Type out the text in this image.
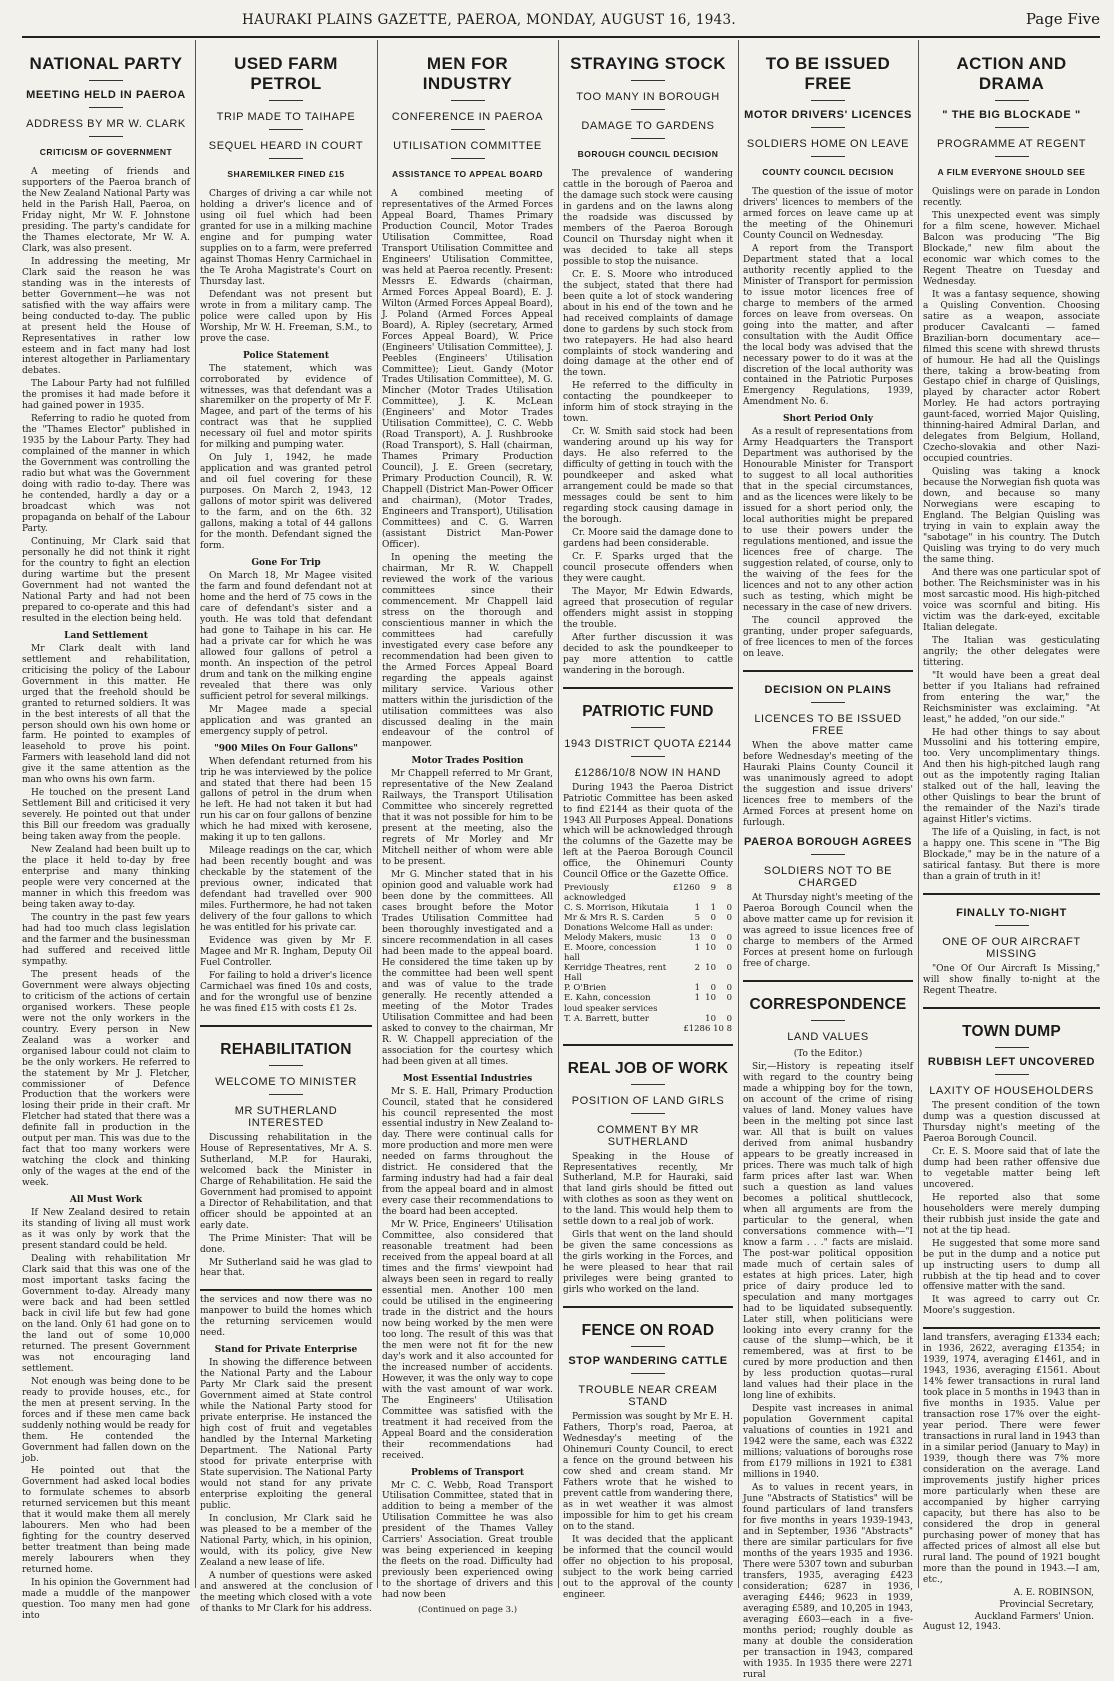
HAURAKI PLAINS GAZETTE, PAEROA, MONDAY, AUGUST 16, 1943.	Page Five
NATIONAL PARTY
MEETING HELD IN PAEROA
ADDRESS BY MR W. CLARK
CRITICISM OF GOVERNMENT

A meeting of friends and supporters of the Paeroa branch of the New Zealand National Party was held in the Parish Hall, Paeroa, on Friday night, Mr W. F. Johnstone presiding. The party's candidate for the Thames electorate, Mr W. A. Clark, was also present.

In addressing the meeting, Mr Clark said the reason he was standing was in the interests of better Government—he was not satisfied with the way affairs were being conducted to-day. The public at present held the House of Representatives in rather low esteem and in fact many had lost interest altogether in Parliamentary debates.

The Labour Party had not fulfilled the promises it had made before it had gained power in 1935.

Referring to radio he quoted from the "Thames Elector" published in 1935 by the Labour Party. They had complained of the manner in which the Government was controlling the radio but what was the Government doing with radio to-day. There was he contended, hardly a day or a broadcast which was not propaganda on behalf of the Labour Party.

Continuing, Mr Clark said that personally he did not think it right for the country to fight an election during wartime but the present Government had not wanted the National Party and had not been prepared to co-operate and this had resulted in the election being held.

Land Settlement

Mr Clark dealt with land settlement and rehabilitation, criticising the policy of the Labour Government in this matter. He urged that the freehold should be granted to returned soldiers. It was in the best interests of all that the person should own his own home or farm. He pointed to examples of leasehold to prove his point. Farmers with leasehold land did not give it the same attention as the man who owns his own farm.

He touched on the present Land Settlement Bill and criticised it very severely. He pointed out that under this Bill our freedom was gradually being taken away from the people.

New Zealand had been built up to the place it held to-day by free enterprise and many thinking people were very concerned at the manner in which this freedom was being taken away to-day.

The country in the past few years had had too much class legislation and the farmer and the businessman had suffered and received little sympathy.

The present heads of the Government were always objecting to criticism of the actions of certain organised workers. These people were not the only workers in the country. Every person in New Zealand was a worker and organised labour could not claim to be the only workers. He referred to the statement by Mr J. Fletcher, commissioner of Defence Production that the workers were losing their pride in their craft. Mr Fletcher had stated that there was a definite fall in production in the output per man. This was due to the fact that too many workers were watching the clock and thinking only of the wages at the end of the week.

All Must Work

If New Zealand desired to retain its standing of living all must work as it was only by work that the present standard could be held.

Dealing with rehabilitation Mr Clark said that this was one of the most important tasks facing the Government to-day. Already many were back and had been settled back in civil life but few had gone on the land. Only 61 had gone on to the land out of some 10,000 returned. The present Government was not encouraging land settlement.

Not enough was being done to be ready to provide houses, etc., for the men at present serving. In the forces and if these men came back suddenly nothing would be ready for them. He contended the Government had fallen down on the job.

He pointed out that the Government had asked local bodies to formulate schemes to absorb returned servicemen but this meant that it would make them all merely labourers. Men who had been fighting for the country deserved better treatment than being made merely labourers when they returned home.

In his opinion the Government had made a muddle of the manpower question. Too many men had gone into

USED FARM PETROL
TRIP MADE TO TAIHAPE
SEQUEL HEARD IN COURT
SHAREMILKER FINED £15

Charges of driving a car while not holding a driver's licence and of using oil fuel which had been granted for use in a milking machine engine and for pumping water supplies on to a farm, were preferred against Thomas Henry Carmichael in the Te Aroha Magistrate's Court on Thursday last.

Defendant was not present but wrote in from a military camp. The police were called upon by His Worship, Mr W. H. Freeman, S.M., to prove the case.

Police Statement

The statement, which was corroborated by evidence of witnesses, was that defendant was a sharemilker on the property of Mr F. Magee, and part of the terms of his contract was that he supplied necessary oil fuel and motor spirits for milking and pumping water.

On July 1, 1942, he made application and was granted petrol and oil fuel covering for these purposes. On March 2, 1943, 12 gallons of motor spirit was delivered to the farm, and on the 6th. 32 gallons, making a total of 44 gallons for the month. Defendant signed the form.

Gone For Trip

On March 18, Mr Magee visited the farm and found defendant not at home and the herd of 75 cows in the care of defendant's sister and a youth. He was told that defendant had gone to Taihape in his car. He had a private car for which he was allowed four gallons of petrol a month. An inspection of the petrol drum and tank on the milking engine revealed that there was only sufficient petrol for several milkings.

Mr Magee made a special application and was granted an emergency supply of petrol.

"900 Miles On Four Gallons"

When defendant returned from his trip he was interviewed by the police and stated that there had been 15 gallons of petrol in the drum when he left. He had not taken it but had run his car on four gallons of benzine which he had mixed with kerosene, making it up to ten gallons.

Mileage readings on the car, which had been recently bought and was checkable by the statement of the previous owner, indicated that defendant had travelled over 900 miles. Furthermore, he had not taken delivery of the four gallons to which he was entitled for his private car.

Evidence was given by Mr F. Magee and Mr R. Ingham, Deputy Oil Fuel Controller.

For failing to hold a driver's licence Carmichael was fined 10s and costs, and for the wrongful use of benzine he was fined £15 with costs £1 2s.

REHABILITATION
WELCOME TO MINISTER
MR SUTHERLAND INTERESTED

Discussing rehabilitation in the House of Representatives, Mr A. S. Sutherland, M.P. for Hauraki, welcomed back the Minister in Charge of Rehabilitation. He said the Government had promised to appoint a Director of Rehabilitation, and that officer should be appointed at an early date.

The Prime Minister: That will be done.

Mr Sutherland said he was glad to hear that.

the services and now there was no manpower to build the homes which the returning servicemen would need.

Stand for Private Enterprise

In showing the difference between the National Party and the Labour Party Mr Clark said the present Government aimed at State control while the National Party stood for private enterprise. He instanced the high cost of fruit and vegetables handled by the Internal Marketing Department. The National Party stood for private enterprise with State supervision. The National Party would not stand for any private enterprise exploiting the general public.

In conclusion, Mr Clark said he was pleased to be a member of the National Party, which, in his opinion, would, with its policy, give New Zealand a new lease of life.

A number of questions were asked and answered at the conclusion of the meeting which closed with a vote of thanks to Mr Clark for his address.

MEN FOR INDUSTRY
CONFERENCE IN PAEROA
UTILISATION COMMITTEE
ASSISTANCE TO APPEAL BOARD

A combined meeting of representatives of the Armed Forces Appeal Board, Thames Primary Production Council, Motor Trades Utilisation Committee, Road Transport Utilisation Committee and Engineers' Utilisation Committee, was held at Paeroa recently. Present: Messrs E. Edwards (chairman, Armed Forces Appeal Board), E. J. Wilton (Armed Forces Appeal Board), J. Poland (Armed Forces Appeal Board), A. Ripley (secretary, Armed Forces Appeal Board), W. Price (Engineers' Utilisation Committee), J. Peebles (Engineers' Utilisation Committee); Lieut. Gandy (Motor Trades Utilisation Committee), M. G. Mincher (Motor Trades Utilisation Committee), J. K. McLean (Engineers' and Motor Trades Utilisation Committee), C. C. Webb (Road Transport), A. J. Rushbrooke (Road Transport), S. Hall (chairman, Thames Primary Production Council), J. E. Green (secretary, Primary Production Council), R. W. Chappell (District Man-Power Officer and chairman), (Motor Trades, Engineers and Transport), Utilisation Committees) and C. G. Warren (assistant District Man-Power Officer).

In opening the meeting the chairman, Mr R. W. Chappell reviewed the work of the various committees since their commencement. Mr Chappell laid stress on the thorough and conscientious manner in which the committees had carefully investigated every case before any recommendation had been given to the Armed Forces Appeal Board regarding the appeals against military service. Various other matters within the jurisdiction of the utilisation committees was also discussed dealing in the main endeavour of the control of manpower.

Motor Trades Position

Mr Chappell referred to Mr Grant, representative of the New Zealand Railways, the Transport Utilisation Committee who sincerely regretted that it was not possible for him to be present at the meeting, also the regrets of Mr Morley and Mr Mitchell neither of whom were able to be present.

Mr G. Mincher stated that in his opinion good and valuable work had been done by the committees. All cases brought before the Motor Trades Utilisation Committee had been thoroughly investigated and a sincere recommendation in all cases had been made to the appeal board. He considered the time taken up by the committee had been well spent and was of value to the trade generally. He recently attended a meeting of the Motor Trades Utilisation Committee and had been asked to convey to the chairman, Mr R. W. Chappell appreciation of the association for the courtesy which had been given at all times.

Most Essential Industries

Mr S. E. Hall, Primary Production Council, stated that he considered his council represented the most essential industry in New Zealand to-day. There were continual calls for more production and more men were needed on farms throughout the district. He considered that the farming industry had had a fair deal from the appeal board and in almost every case their recommendations to the board had been accepted.

Mr W. Price, Engineers' Utilisation Committee, also considered that reasonable treatment had been received from the appeal board at all times and the firms' viewpoint had always been seen in regard to really essential men. Another 100 men could be utilised in the engineering trade in the district and the hours now being worked by the men were too long. The result of this was that the men were not fit for the new day's work and it also accounted for the increased number of accidents. However, it was the only way to cope with the vast amount of war work. The Engineers' Utilisation Committee was satisfied with the treatment it had received from the Appeal Board and the consideration their recommendations had received.

Problems of Transport

Mr C. C. Webb, Road Transport Utilisation Committee, stated that in addition to being a member of the Utilisation Committee he was also president of the Thames Valley Carriers' Association. Great trouble was being experienced in keeping the fleets on the road. Difficulty had previously been experienced owing to the shortage of drivers and this had now been

(Continued on page 3.)
STRAYING STOCK
TOO MANY IN BOROUGH
DAMAGE TO GARDENS
BOROUGH COUNCIL DECISION

The prevalence of wandering cattle in the borough of Paeroa and the damage such stock were causing in gardens and on the lawns along the roadside was discussed by members of the Paeroa Borough Council on Thursday night when it was decided to take all steps possible to stop the nuisance.

Cr. E. S. Moore who introduced the subject, stated that there had been quite a lot of stock wandering about in his end of the town and he had received complaints of damage done to gardens by such stock from two ratepayers. He had also heard complaints of stock wandering and doing damage at the other end of the town.

He referred to the difficulty in contacting the poundkeeper to inform him of stock straying in the town.

Cr. W. Smith said stock had been wandering around up his way for days. He also referred to the difficulty of getting in touch with the poundkeeper and asked what arrangement could be made so that messages could be sent to him regarding stock causing damage in the borough.

Cr. Moore said the damage done to gardens had been considerable.

Cr. F. Sparks urged that the council prosecute offenders when they were caught.

The Mayor, Mr Edwin Edwards, agreed that prosecution of regular offenders might assist in stopping the trouble.

After further discussion it was decided to ask the poundkeeper to pay more attention to cattle wandering in the borough.

PATRIOTIC FUND
1943 DISTRICT QUOTA £2144
£1286/10/8 NOW IN HAND

During 1943 the Paeroa District Patriotic Committee has been asked to find £2144 as their quota of the 1943 All Purposes Appeal. Donations which will be acknowledged through the columns of the Gazette may be left at the Paeroa Borough Council office, the Ohinemuri County Council Office or the Gazette Office.

Previously acknowledged	£1260	9	8
C. S. Morrison, Hikutaia	1	1	0
Mr & Mrs R. S. Carden	5	0	0
Donations Welcome Hall as under:			
Melody Makers, music	13	0	0
E. Moore, concession hall	1	10	0
Kerridge Theatres, rent Hall	2	10	0
P. O'Brien	1	0	0
E. Kahn, concession loud speaker services	1	10	0
T. A. Barrett, butter		10	0
£1286 10 8			
REAL JOB OF WORK
POSITION OF LAND GIRLS
COMMENT BY MR SUTHERLAND

Speaking in the House of Representatives recently, Mr Sutherland, M.P. for Hauraki, said that land girls should be fitted out with clothes as soon as they went on to the land. This would help them to settle down to a real job of work.

Girls that went on the land should be given the same concessions as the girls working in the Forces, and he were pleased to hear that rail privileges were being granted to girls who worked on the land.

FENCE ON ROAD
STOP WANDERING CATTLE
TROUBLE NEAR CREAM STAND

Permission was sought by Mr E. H. Fathers, Thorp's road, Paeroa, at Wednesday's meeting of the Ohinemuri County Council, to erect a fence on the ground between his cow shed and cream stand. Mr Fathers wrote that he wished to prevent cattle from wandering there, as in wet weather it was almost impossible for him to get his cream on to the stand.

It was decided that the applicant be informed that the council would offer no objection to his proposal, subject to the work being carried out to the approval of the county engineer.

TO BE ISSUED FREE
MOTOR DRIVERS' LICENCES
SOLDIERS HOME ON LEAVE
COUNTY COUNCIL DECISION

The question of the issue of motor drivers' licences to members of the armed forces on leave came up at the meeting of the Ohinemuri County Council on Wednesday.

A report from the Transport Department stated that a local authority recently applied to the Minister of Transport for permission to issue motor licences free of charge to members of the armed forces on leave from overseas. On going into the matter, and after consultation with the Audit Office the local body was advised that the necessary power to do it was at the discretion of the local authority was contained in the Patriotic Purposes Emergency Regulations, 1939, Amendment No. 6.

Short Period Only

As a result of representations from Army Headquarters the Transport Department was authorised by the Honourable Minister for Transport to suggest to all local authorities that in the special circumstances, and as the licences were likely to be issued for a short period only, the local authorities might be prepared to use their powers under the regulations mentioned, and issue the licences free of charge. The suggestion related, of course, only to the waiving of the fees for the licences and not to any other action such as testing, which might be necessary in the case of new drivers.

The council approved the granting, under proper safeguards, of free licences to men of the forces on leave.

DECISION ON PLAINS
LICENCES TO BE ISSUED FREE

When the above matter came before Wednesday's meeting of the Hauraki Plains County Council it was unanimously agreed to adopt the suggestion and issue drivers' licences free to members of the Armed Forces at present home on furlough.

PAEROA BOROUGH AGREES
SOLDIERS NOT TO BE CHARGED

At Thursday night's meeting of the Paeroa Borough Council when the above matter came up for revision it was agreed to issue licences free of charge to members of the Armed Forces at present home on furlough free of charge.

CORRESPONDENCE
LAND VALUES
(To the Editor.)

Sir,—History is repeating itself with regard to the country being made a whipping boy for the town, on account of the crime of rising values of land. Money values have been in the melting pot since last war. All that is built on values derived from animal husbandry appears to be greatly increased in prices. There was much talk of high farm prices after last war. When such a question as land values becomes a political shuttlecock, when all arguments are from the particular to the general, when conversations commence with—"I know a farm . . ." facts are mislaid. The post-war political opposition made much of certain sales of estates at high prices. Later, high price of dairy produce led to speculation and many mortgages had to be liquidated subsequently. Later still, when politicians were looking into every cranny for the cause of the slump—which, be it remembered, was at first to be cured by more production and then by less production quotas—rural land values had their place in the long line of exhibits.

Despite vast increases in animal population Government capital valuations of counties in 1921 and 1942 were the same, each was £322 millions; valuations of boroughs rose from £179 millions in 1921 to £381 millions in 1940.

As to values in recent years, in June "Abstracts of Statistics" will be found particulars of land transfers for five months in years 1939-1943, and in September, 1936 "Abstracts" there are similar particulars for five months of the years 1935 and 1936. There were 5307 town and suburban transfers, 1935, averaging £423 consideration; 6287 in 1936, averaging £446; 9623 in 1939, averaging £589, and 10,205 in 1943, averaging £603—each in a five-months period; roughly double as many at double the consideration per transaction in 1943, compared with 1935. In 1935 there were 2271 rural

ACTION AND DRAMA
" THE BIG BLOCKADE "
PROGRAMME AT REGENT
A FILM EVERYONE SHOULD SEE

Quislings were on parade in London recently.

This unexpected event was simply for a film scene, however. Michael Balcon was producing "The Big Blockade," new film about the economic war which comes to the Regent Theatre on Tuesday and Wednesday.

It was a fantasy sequence, showing a Quisling Convention. Choosing satire as a weapon, associate producer Cavalcanti — famed Brazilian-born documentary ace—filmed this scene with shrewd thrusts of humour. He had all the Quislings there, taking a brow-beating from Gestapo chief in charge of Quislings, played by character actor Robert Morley. He had actors portraying gaunt-faced, worried Major Quisling, thinning-haired Admiral Darlan, and delegates from Belgium, Holland, Czecho-slovakia and other Nazi-occupied countries.

Quisling was taking a knock because the Norwegian fish quota was down, and because so many Norwegians were escaping to England. The Belgian Quisling was trying in vain to explain away the "sabotage" in his country. The Dutch Quisling was trying to do very much the same thing.

And there was one particular spot of bother. The Reichsminister was in his most sarcastic mood. His high-pitched voice was scornful and biting. His victim was the dark-eyed, excitable Italian delegate.

The Italian was gesticulating angrily; the other delegates were tittering.

"It would have been a great deal better if you Italians had refrained from entering the war," the Reichsminister was exclaiming. "At least," he added, "on our side."

He had other things to say about Mussolini and his tottering empire, too. Very uncomplimentary things. And then his high-pitched laugh rang out as the impotently raging Italian stalked out of the hall, leaving the other Quislings to bear the brunt of the remainder of the Nazi's tirade against Hitler's victims.

The life of a Quisling, in fact, is not a happy one. This scene in "The Big Blockade," may be in the nature of a satirical fantasy. But there is more than a grain of truth in it!

FINALLY TO-NIGHT
ONE OF OUR AIRCRAFT MISSING

"One Of Our Aircraft Is Missing," will show finally to-night at the Regent Theatre.

TOWN DUMP
RUBBISH LEFT UNCOVERED
LAXITY OF HOUSEHOLDERS

The present condition of the town dump was a question discussed at Thursday night's meeting of the Paeroa Borough Council.

Cr. E. S. Moore said that of late the dump had been rather offensive due to vegetable matter being left uncovered.

He reported also that some householders were merely dumping their rubbish just inside the gate and not at the tip head.

He suggested that some more sand be put in the dump and a notice put up instructing users to dump all rubbish at the tip head and to cover offensive matter with the sand.

It was agreed to carry out Cr. Moore's suggestion.

land transfers, averaging £1334 each; in 1936, 2622, averaging £1354; in 1939, 1974, averaging £1461, and in 1943, 1936, averaging £1561. About 14% fewer transactions in rural land took place in 5 months in 1943 than in five months in 1935. Value per transaction rose 17% over the eight-year period. There were fewer transactions in rural land in 1943 than in a similar period (January to May) in 1939, though there was 7% more consideration on the average. Land improvements justify higher prices more particularly when these are accompanied by higher carrying capacity, but there has also to be considered the drop in general purchasing power of money that has affected prices of almost all else but rural land. The pound of 1921 bought more than the pound in 1943.—I am, etc.,

A. E. ROBINSON,
Provincial Secretary,
Auckland Farmers' Union.
August 12, 1943.
